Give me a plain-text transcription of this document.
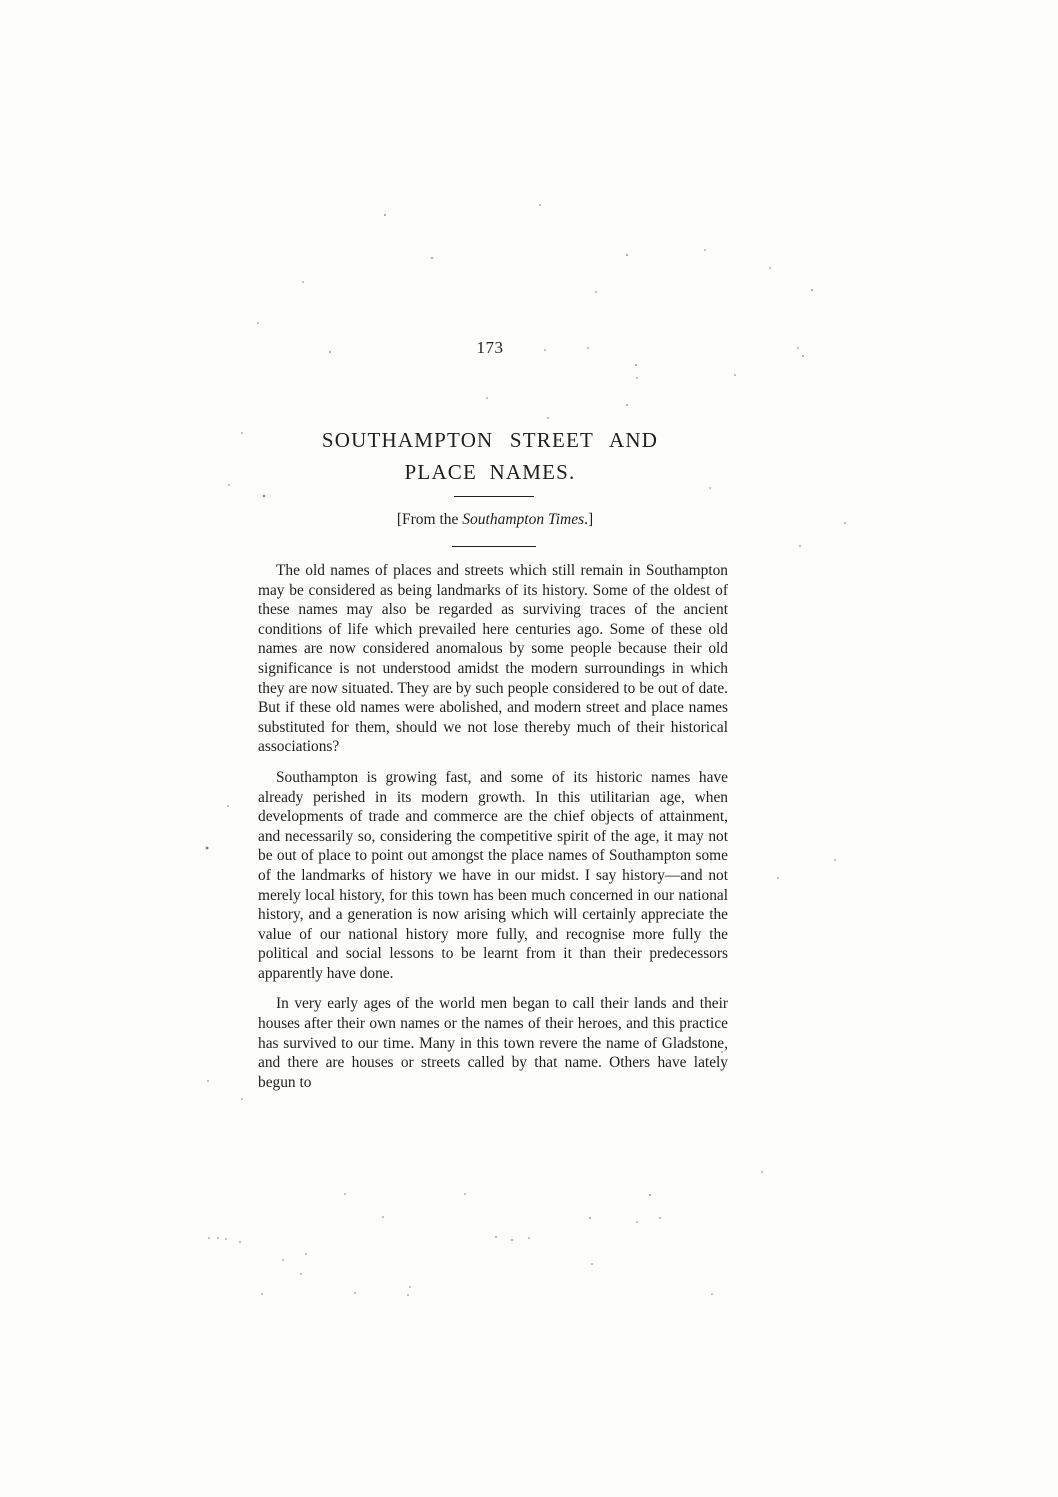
173
SOUTHAMPTON STREET AND
PLACE NAMES.
[From the Southampton Times.]

The old names of places and streets which still remain in Southampton may be considered as being landmarks of its history. Some of the oldest of these names may also be regarded as surviving traces of the ancient conditions of life which prevailed here centuries ago. Some of these old names are now considered anomalous by some people because their old significance is not understood amidst the modern surroundings in which they are now situated. They are by such people considered to be out of date. But if these old names were abolished, and modern street and place names substituted for them, should we not lose thereby much of their historical associations?

Southampton is growing fast, and some of its historic names have already perished in its modern growth. In this utilitarian age, when developments of trade and commerce are the chief objects of attainment, and necessarily so, considering the competitive spirit of the age, it may not be out of place to point out amongst the place names of Southampton some of the landmarks of history we have in our midst. I say history—and not merely local history, for this town has been much concerned in our national history, and a generation is now arising which will certainly appreciate the value of our national history more fully, and recognise more fully the political and social lessons to be learnt from it than their predecessors apparently have done.

In very early ages of the world men began to call their lands and their houses after their own names or the names of their heroes, and this practice has survived to our time. Many in this town revere the name of Gladstone, and there are houses or streets called by that name. Others have lately begun to
